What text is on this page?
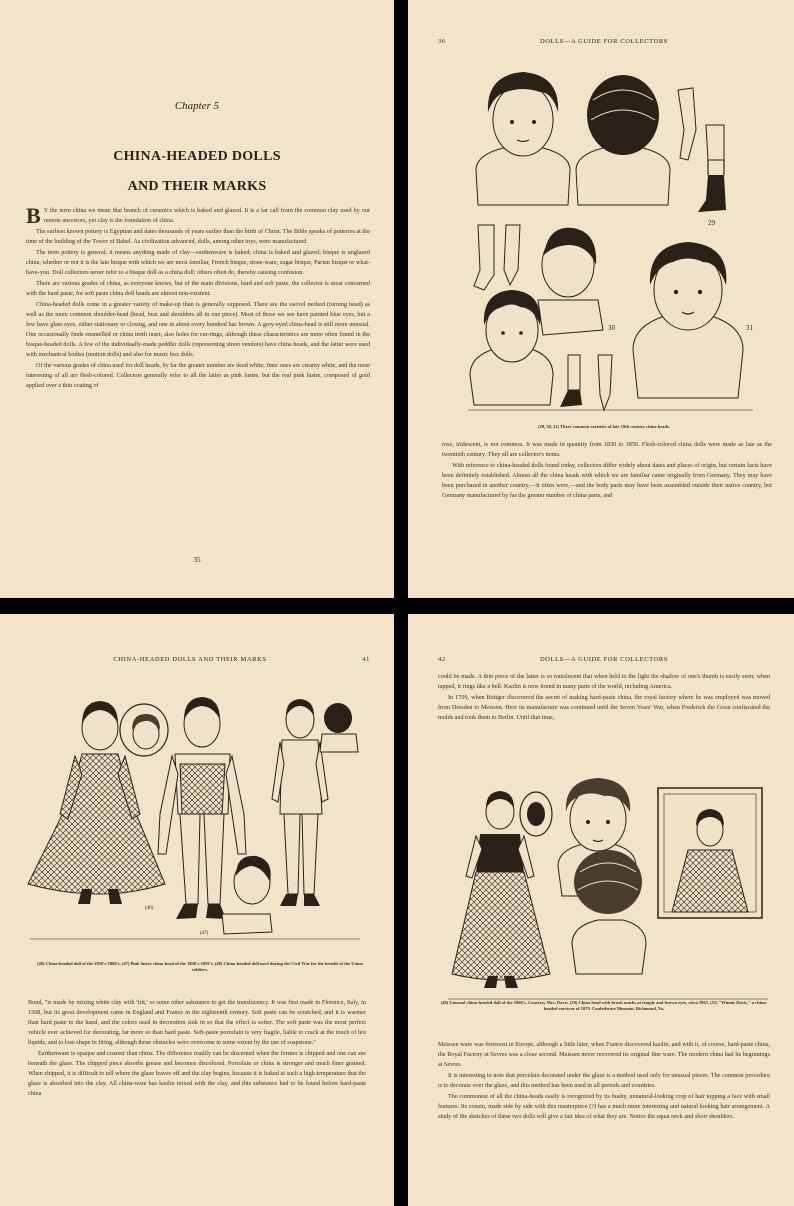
Chapter 5
CHINA-HEADED DOLLS
AND THEIR MARKS

B Y the term china we mean that branch of ceramics which is baked and glazed. It is a far call from the common clay used by our remote ancestors, yet clay is the foundation of china.

The earliest known pottery is Egyptian and dates thousands of years earlier than the birth of Christ. The Bible speaks of potteries at the time of the building of the Tower of Babel. As civilization advanced, dolls, among other toys, were manufactured.

The term pottery is general; it means anything made of clay—earthenware is baked; china is baked and glazed; bisque is unglazed china, whether or not it is the late bisque with which we are most familiar, French bisque, stone-ware, sugar bisque, Parian bisque or what-have-you. Doll collectors never refer to a bisque doll as a china doll; others often do, thereby causing confusion.

There are various grades of china, as everyone knows, but of the main divisions, hard and soft paste, the collector is most concerned with the hard paste, for soft paste china doll heads are almost non-existent.

China-headed dolls come in a greater variety of make-up than is generally supposed. There are the swivel necked (turning head) as well as the more common shoulder-head (head, bust and shoulders all in one piece). Most of those we see have painted blue eyes, but a few have glass eyes, either stationary or closing, and one in about every hundred has brown. A grey-eyed china-head is still more unusual. One occasionally finds enamelled or china teeth inset; also holes for ear-rings, although these characteristics are more often found in the bisque-headed dolls. A few of the individually-made peddler dolls (representing street vendors) have china heads, and the latter were used with mechanical bodies (motion dolls) and also for music box dolls.

Of the various grades of china used for doll heads, by far the greater number are dead white; finer ones are creamy white, and the most interesting of all are flesh-colored. Collectors generally refer to all the latter as pink lustre, but the real pink lustre, composed of gold applied over a thin coating of

35
36	DOLLS—A GUIDE FOR COLLECTORS
29
30	31
(29, 30, 31) Three common varieties of late 19th century china heads.

rose, iridescent, is not common. It was made in quantity from 1830 to 1850. Flesh-colored china dolls were made as late as the twentieth century. They all are collector's items.

With reference to china-headed dolls found today, collectors differ widely about dates and places of origin, but certain facts have been definitely established. Almost all the china heads with which we are familiar came originally from Germany. They may have been purchased in another country,—it often were,—and the body parts may have been assembled outside their native country, but Germany manufactured by far the greater number of china parts, and

CHINA-HEADED DOLLS AND THEIR MARKS	41
(46)
(47)
(46) China-headed doll of the 1850's-1860's. (47) Pink lustre china-head of the 1840's-1850's. (48) China-headed doll used during the Civil War for the benefit of the Union soldiers.

Bond, "is made by mixing white clay with 'frit,' or some other substance to get the translucency. It was first made in Florence, Italy, in 1568, but its great development came in England and France in the eighteenth century. Soft paste can be scratched, and it is warmer than hard paste to the hand, and the colors used in decoration sink in so that the effect is softer. The soft paste was the most perfect vehicle ever achieved for decorating, far more so than hard paste. Soft-paste porcelain is very fragile, liable to crack at the touch of hot liquids, and to lose shape in firing, although these obstacles were overcome to some extent by the use of soapstone."

Earthenware is opaque and coarser than china. The difference readily can be discerned when the former is chipped and one can see beneath the glaze. The chipped piece absorbs grease and becomes discolored. Porcelain or china is stronger and much finer grained. When chipped, it is difficult to tell where the glaze leaves off and the clay begins, because it is baked at such a high temperature that the glaze is absorbed into the clay. All china-ware has kaolin mixed with the clay, and this substance had to be found before hard-paste china

42	DOLLS—A GUIDE FOR COLLECTORS

could be made. A thin piece of the latter is so translucent that when held to the light the shadow of one's thumb is easily seen; when tapped, it rings like a bell. Kaolin is now found in many parts of the world, including America.

In 1709, when Bottger discovered the secret of making hard-paste china, the royal factory where he was employed was moved from Dresden to Meissen. Here its manufacture was continued until the Seven Years' War, when Frederick the Great confiscated the molds and took them to Berlin. Until that time,

(49) Unusual china-headed doll of the 1860's. Courtesy Mrs. Davis. (50) China head with brush marks at temple and brown eyes, circa 1865. (51) "Winnie Davis," a china-headed survivor of 1879. Confederate Museum, Richmond, Va.

Meissen ware was foremost in Europe, although a little later, when France discovered kaolin, and with it, of course, hard-paste china, the Royal Factory at Sevres was a close second. Meissen never recovered its original fine ware. The modern china had its beginnings at Sevres.

It is interesting to note that porcelain decorated under the glaze is a method used only for unusual pieces. The common procedure is to decorate over the glaze, and this method has been used in all periods and countries.

The commonest of all the china-heads easily is recognized by its bushy, unnatural-looking crop of hair topping a face with small features. Its cousin, made side by side with this masterpiece (?) has a much more interesting and natural looking hair arrangement. A study of the sketches of these two dolls will give a fair idea of what they are. Notice the squat neck and short shoulders.
